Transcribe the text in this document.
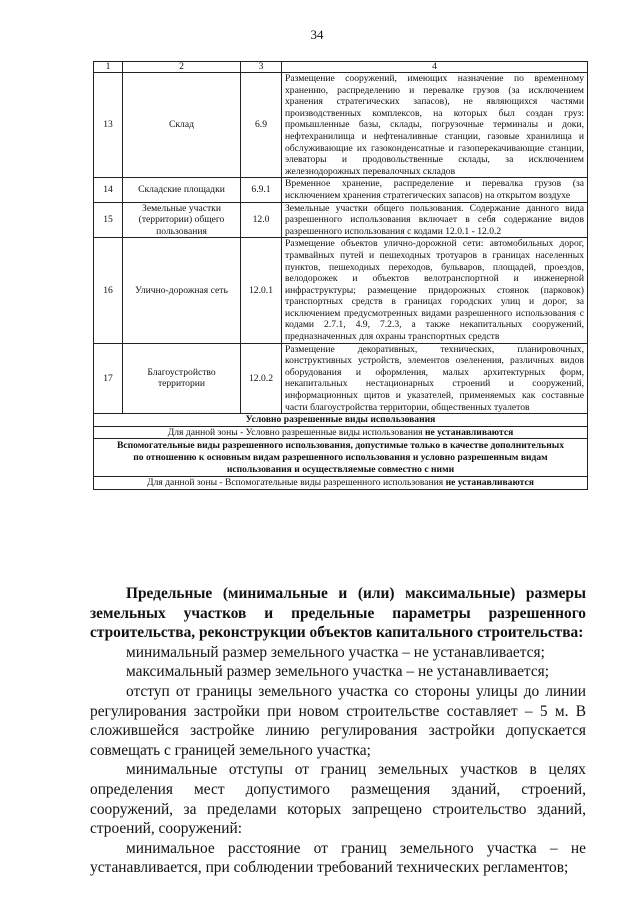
34
1	2	3	4
13	Склад	6.9	Размещение сооружений, имеющих назначение по временному хранению, распределению и перевалке грузов (за исключением хранения стратегических запасов), не являющихся частями производственных комплексов, на которых был создан груз: промышленные базы, склады, погрузочные терминалы и доки, нефтехранилища и нефтеналивные станции, газовые хранилища и обслуживающие их газоконденсатные и газоперекачивающие станции, элеваторы и продовольственные склады, за исключением железнодорожных перевалочных складов
14	Складские площадки	6.9.1	Временное хранение, распределение и перевалка грузов (за исключением хранения стратегических запасов) на открытом воздухе
15	Земельные участки (территории) общего пользования	12.0	Земельные участки общего пользования. Содержание данного вида разрешенного использования включает в себя содержание видов разрешенного использования с кодами 12.0.1 - 12.0.2
16	Улично-дорожная сеть	12.0.1	Размещение объектов улично-дорожной сети: автомобильных дорог, трамвайных путей и пешеходных тротуаров в границах населенных пунктов, пешеходных переходов, бульваров, площадей, проездов, велодорожек и объектов велотранспортной и инженерной инфраструктуры; размещение придорожных стоянок (парковок) транспортных средств в границах городских улиц и дорог, за исключением предусмотренных видами разрешенного использования с кодами 2.7.1, 4.9, 7.2.3, а также некапитальных сооружений, предназначенных для охраны транспортных средств
17	Благоустройство территории	12.0.2	Размещение декоративных, технических, планировочных, конструктивных устройств, элементов озеленения, различных видов оборудования и оформления, малых архитектурных форм, некапитальных нестационарных строений и сооружений, информационных щитов и указателей, применяемых как составные части благоустройства территории, общественных туалетов
Условно разрешенные виды использования			
Для данной зоны - Условно разрешенные виды использования не устанавливаются			
Вспомогательные виды разрешенного использования, допустимые только в качестве дополнительных по отношению к основным видам разрешенного использования и условно разрешенным видам использования и осуществляемые совместно с ними			
Для данной зоны - Вспомогательные виды разрешенного использования не устанавливаются			

Предельные (минимальные и (или) максимальные) размеры

земельных участков и предельные параметры разрешенного

строительства, реконструкции объектов капитального строительства:

минимальный размер земельного участка – не устанавливается;

максимальный размер земельного участка – не устанавливается;

отступ от границы земельного участка со стороны улицы до линии регулирования застройки при новом строительстве составляет – 5 м. В сложившейся застройке линию регулирования застройки допускается совмещать с границей земельного участка;

минимальные отступы от границ земельных участков в целях определения мест допустимого размещения зданий, строений, сооружений, за пределами которых запрещено строительство зданий, строений, сооружений:

минимальное расстояние от границ земельного участка – не устанавливается, при соблюдении требований технических регламентов;
